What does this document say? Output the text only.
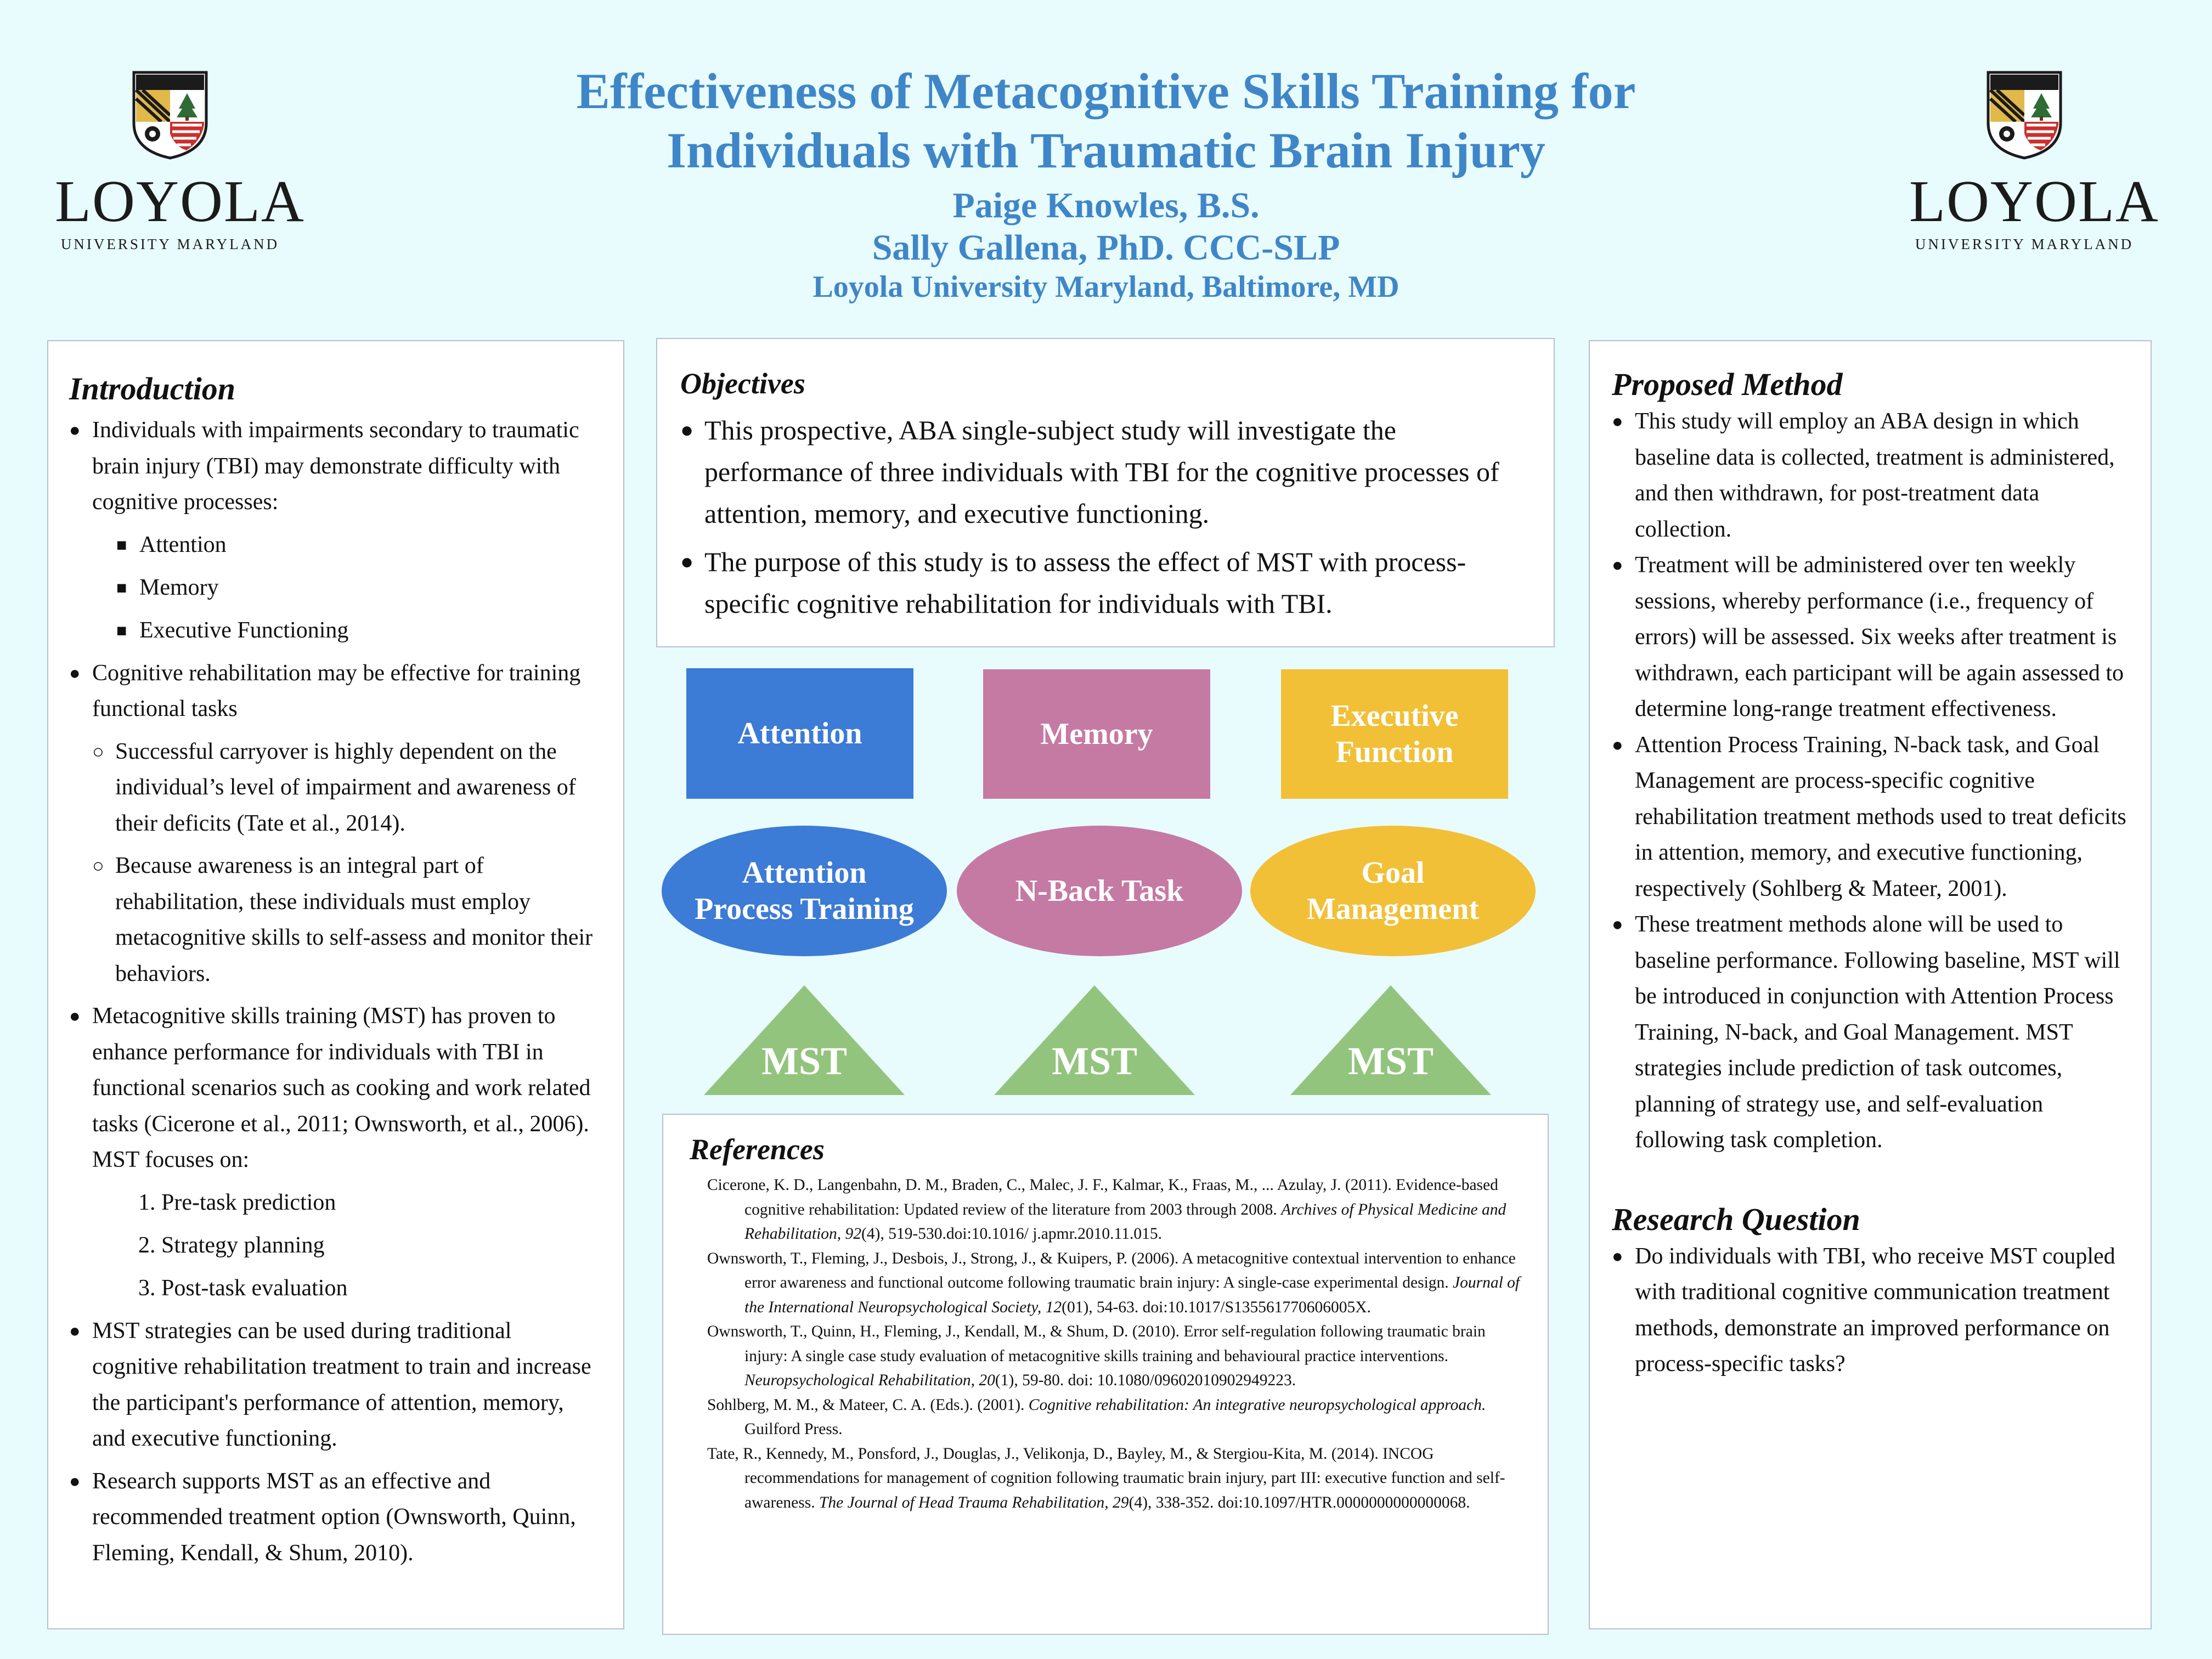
Effectiveness of Metacognitive Skills Training for
Individuals with Traumatic Brain Injury
Paige Knowles, B.S.
Sally Gallena, PhD. CCC-SLP
Loyola University Maryland, Baltimore, MD
LOYOLA
UNIVERSITY MARYLAND
LOYOLA
UNIVERSITY MARYLAND
Introduction
● Individuals with impairments secondary to traumatic brain injury (TBI) may demonstrate difficulty with cognitive processes:
■ Attention
■ Memory
■ Executive Functioning
● Cognitive rehabilitation may be effective for training functional tasks
○ Successful carryover is highly dependent on the individual’s level of impairment and awareness of their deficits (Tate et al., 2014).
○ Because awareness is an integral part of rehabilitation, these individuals must employ metacognitive skills to self-assess and monitor their behaviors.
● Metacognitive skills training (MST) has proven to enhance performance for individuals with TBI in functional scenarios such as cooking and work related tasks (Cicerone et al., 2011; Ownsworth, et al., 2006). MST focuses on:
1. Pre-task prediction
2. Strategy planning
3. Post-task evaluation
● MST strategies can be used during traditional cognitive rehabilitation treatment to train and increase the participant's performance of attention, memory, and executive functioning.
● Research supports MST as an effective and recommended treatment option (Ownsworth, Quinn, Fleming, Kendall, & Shum, 2010).
Objectives
● This prospective, ABA single-subject study will investigate the performance of three individuals with TBI for the cognitive processes of attention, memory, and executive functioning.
● The purpose of this study is to assess the effect of MST with process-specific cognitive rehabilitation for individuals with TBI.
Attention	Memory
Executive Function
Attention Process Training
N-Back Task
Goal Management
MST	MST	MST
References
Cicerone, K. D., Langenbahn, D. M., Braden, C., Malec, J. F., Kalmar, K., Fraas, M., ... Azulay, J. (2011). Evidence-based cognitive rehabilitation: Updated review of the literature from 2003 through 2008. Archives of Physical Medicine and Rehabilitation, 92(4), 519-530.doi:10.1016/ j.apmr.2010.11.015.
Ownsworth, T., Fleming, J., Desbois, J., Strong, J., & Kuipers, P. (2006). A metacognitive contextual intervention to enhance error awareness and functional outcome following traumatic brain injury: A single-case experimental design. Journal of the International Neuropsychological Society, 12(01), 54-63. doi:10.1017/S135561770606005X.
Ownsworth, T., Quinn, H., Fleming, J., Kendall, M., & Shum, D. (2010). Error self-regulation following traumatic brain injury: A single case study evaluation of metacognitive skills training and behavioural practice interventions. Neuropsychological Rehabilitation, 20(1), 59-80. doi: 10.1080/09602010902949223.
Sohlberg, M. M., & Mateer, C. A. (Eds.). (2001). Cognitive rehabilitation: An integrative neuropsychological approach. Guilford Press.
Tate, R., Kennedy, M., Ponsford, J., Douglas, J., Velikonja, D., Bayley, M., & Stergiou-Kita, M. (2014). INCOG recommendations for management of cognition following traumatic brain injury, part III: executive function and self-awareness. The Journal of Head Trauma Rehabilitation, 29(4), 338-352. doi:10.1097/HTR.0000000000000068.
Proposed Method
● This study will employ an ABA design in which baseline data is collected, treatment is administered, and then withdrawn, for post-treatment data collection.
● Treatment will be administered over ten weekly sessions, whereby performance (i.e., frequency of errors) will be assessed. Six weeks after treatment is withdrawn, each participant will be again assessed to determine long-range treatment effectiveness.
● Attention Process Training, N-back task, and Goal Management are process-specific cognitive rehabilitation treatment methods used to treat deficits in attention, memory, and executive functioning, respectively (Sohlberg & Mateer, 2001).
● These treatment methods alone will be used to baseline performance. Following baseline, MST will be introduced in conjunction with Attention Process Training, N-back, and Goal Management. MST strategies include prediction of task outcomes, planning of strategy use, and self-evaluation following task completion.
Research Question
● Do individuals with TBI, who receive MST coupled with traditional cognitive communication treatment methods, demonstrate an improved performance on process-specific tasks?
